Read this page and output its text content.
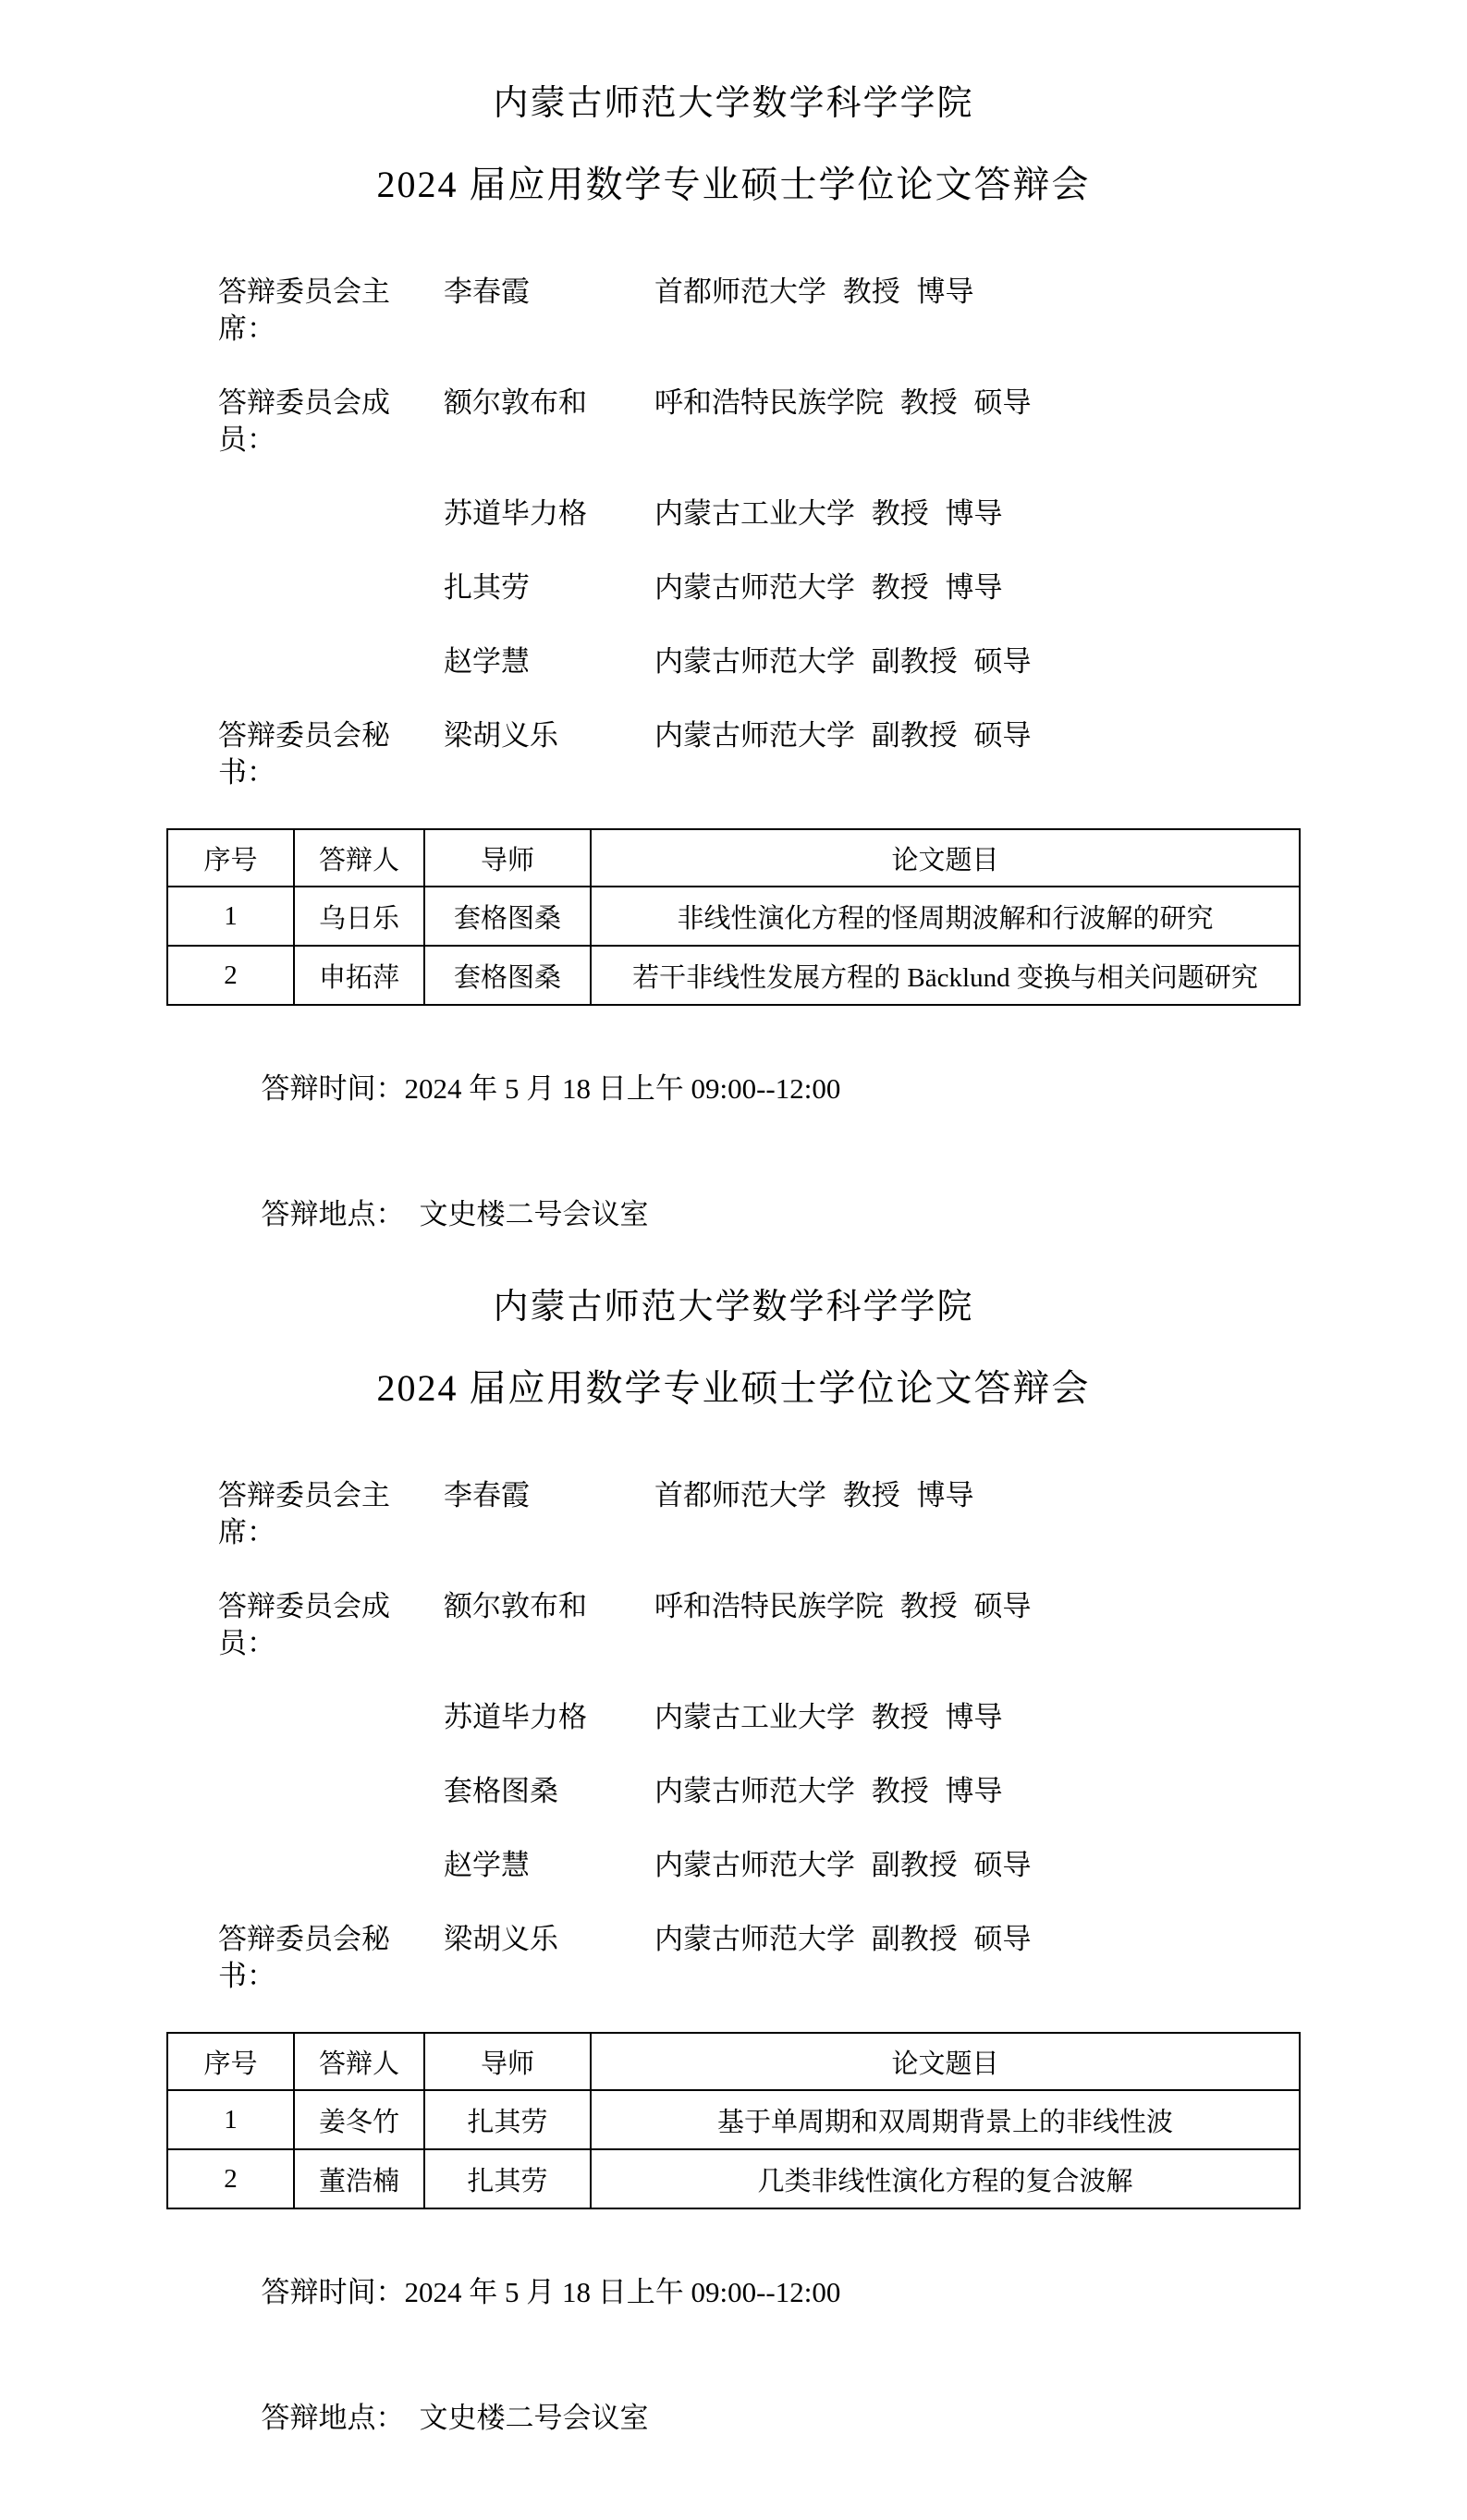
内蒙古师范大学数学科学学院
2024 届应用数学专业硕士学位论文答辩会
答辩委员会主席：
李春霞	首都师范大学 教授 博导
答辩委员会成员：
额尔敦布和	呼和浩特民族学院 教授 硕导
苏道毕力格	内蒙古工业大学 教授 博导
扎其劳	内蒙古师范大学 教授 博导
赵学慧	内蒙古师范大学 副教授 硕导
答辩委员会秘书：
梁胡义乐	内蒙古师范大学 副教授 硕导
序号	答辩人	导师	论文题目
1	乌日乐	套格图桑	非线性演化方程的怪周期波解和行波解的研究
2	申拓萍	套格图桑	若干非线性发展方程的 Bäcklund 变换与相关问题研究

答辩时间：2024 年 5 月 18 日上午 09:00--12:00

答辩地点： 文史楼二号会议室

内蒙古师范大学数学科学学院
2024 届应用数学专业硕士学位论文答辩会
答辩委员会主席：
李春霞	首都师范大学 教授 博导
答辩委员会成员：
额尔敦布和	呼和浩特民族学院 教授 硕导
苏道毕力格	内蒙古工业大学 教授 博导
套格图桑	内蒙古师范大学 教授 博导
赵学慧	内蒙古师范大学 副教授 硕导
答辩委员会秘书：
梁胡义乐	内蒙古师范大学 副教授 硕导
序号	答辩人	导师	论文题目
1	姜冬竹	扎其劳	基于单周期和双周期背景上的非线性波
2	董浩楠	扎其劳	几类非线性演化方程的复合波解

答辩时间：2024 年 5 月 18 日上午 09:00--12:00

答辩地点： 文史楼二号会议室
